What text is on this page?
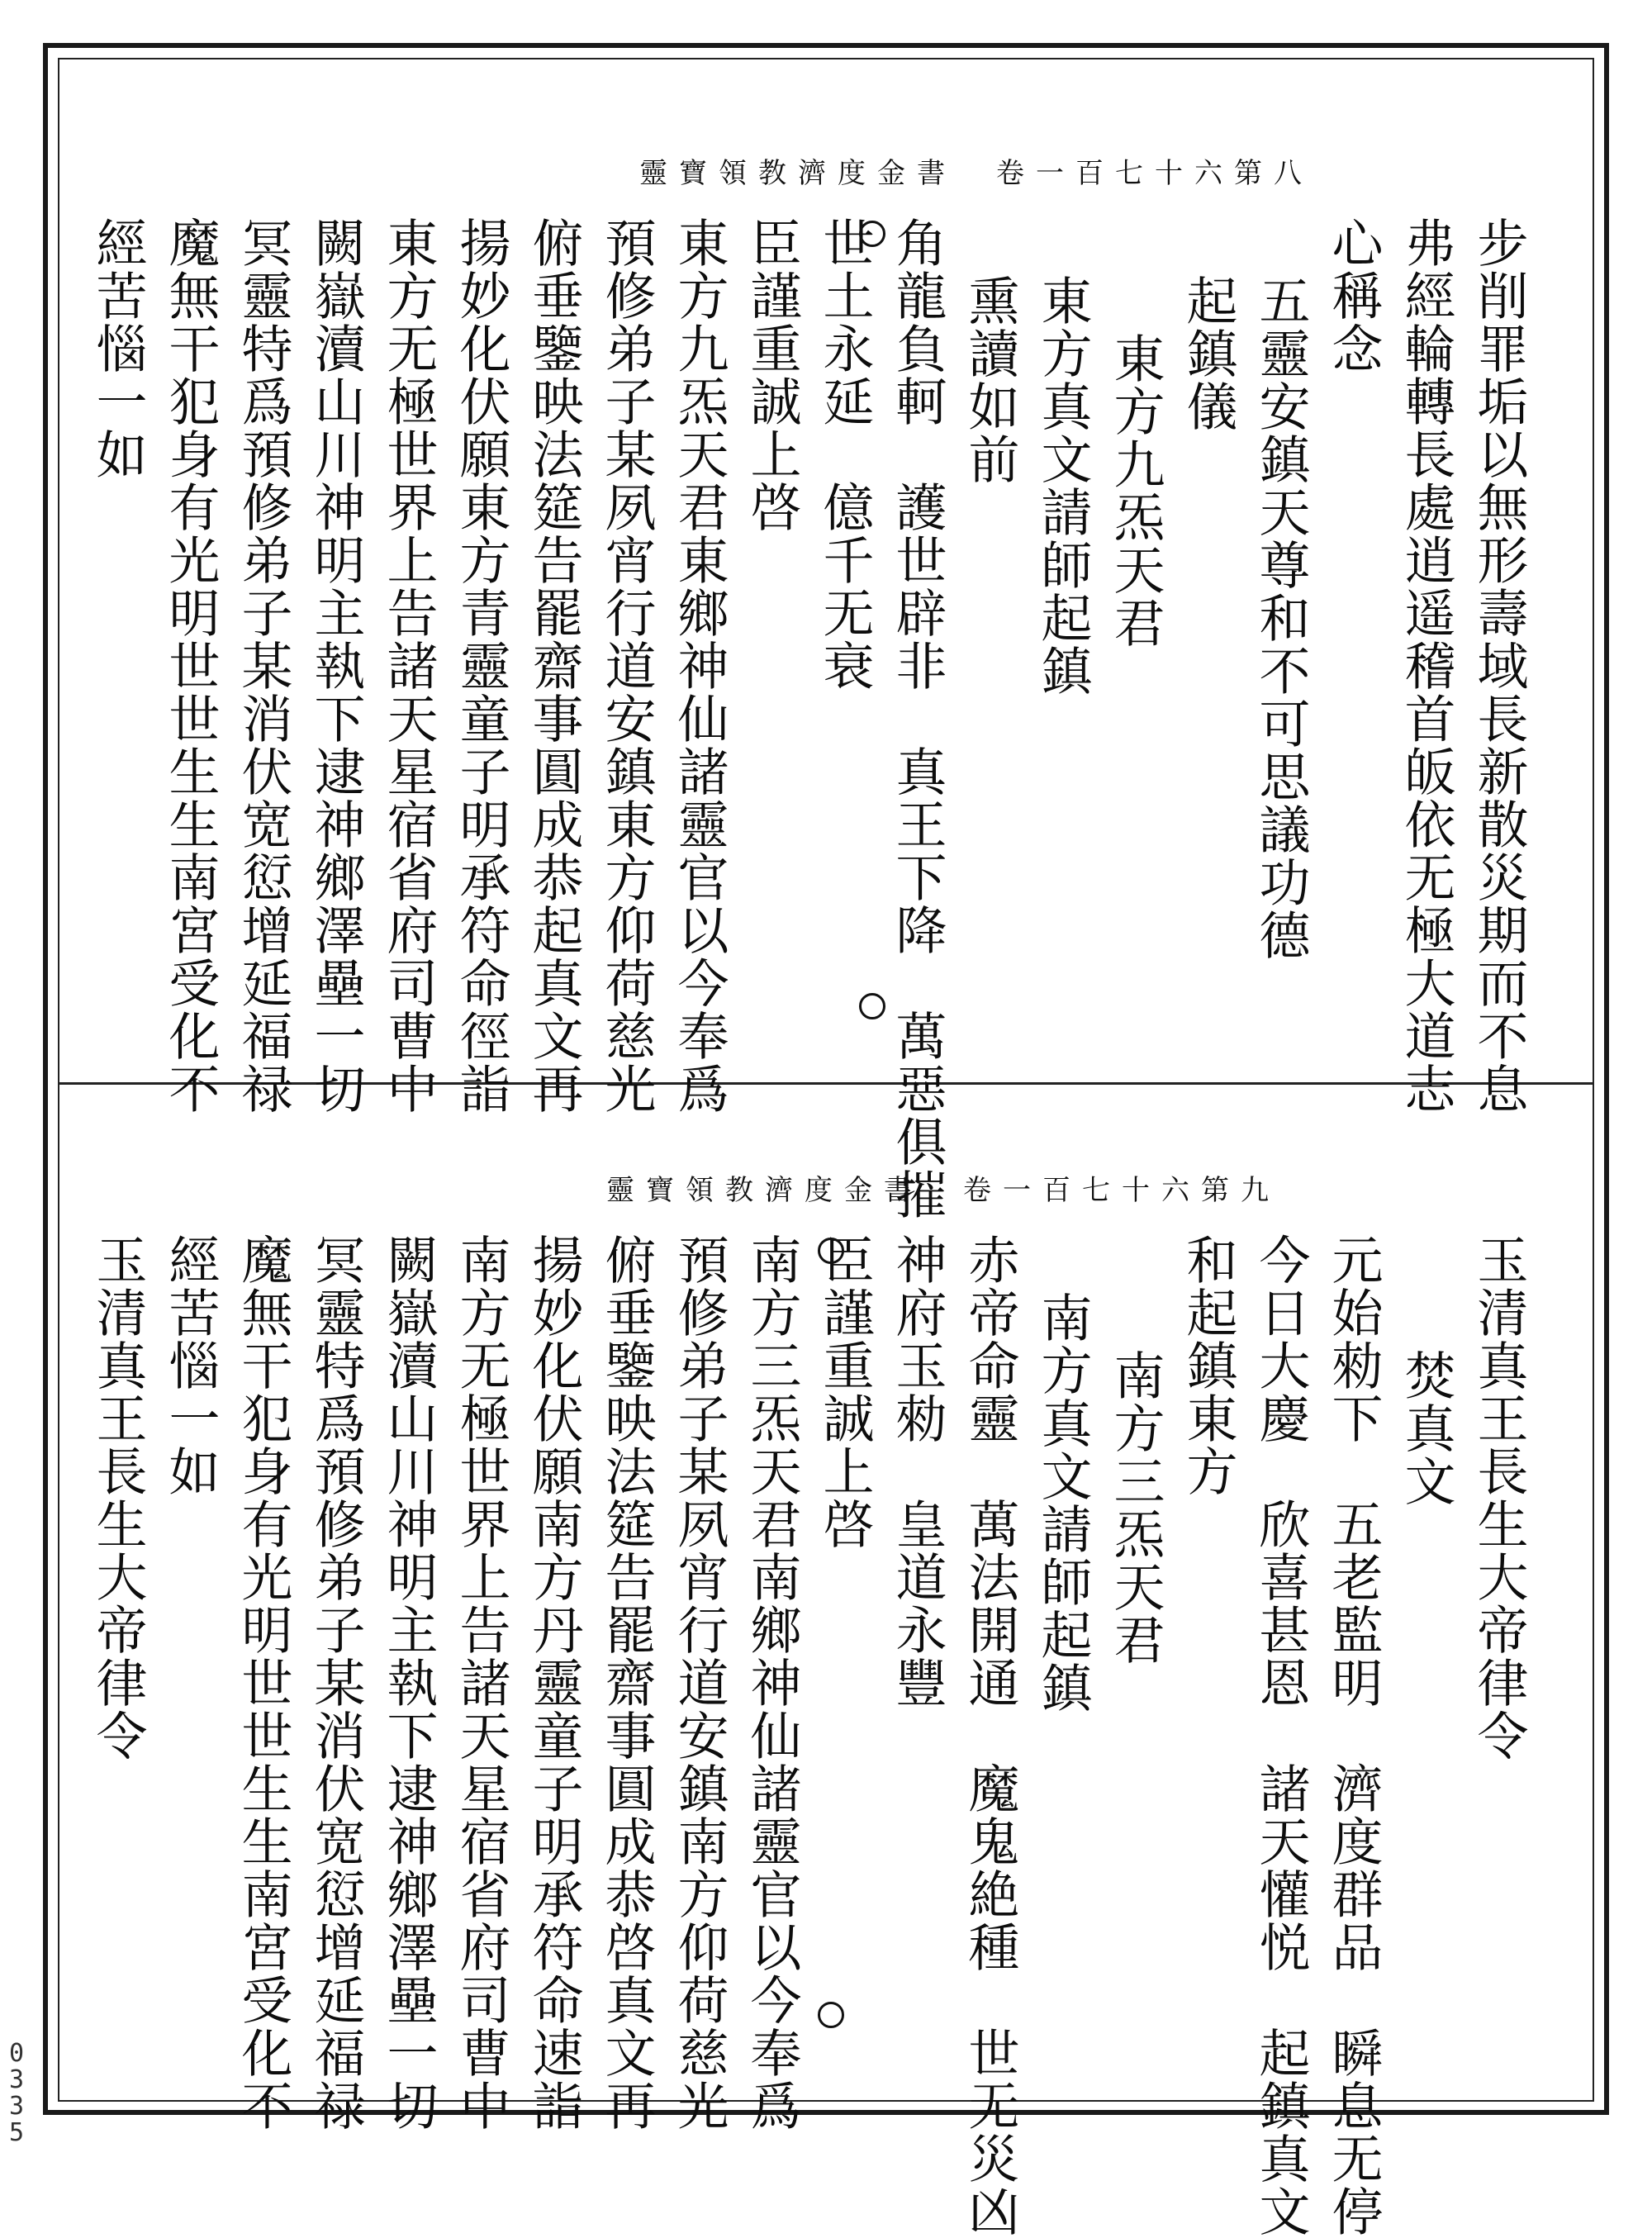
靈寶領教濟度金書　卷一百七十六第八
步削罪垢以無形壽域長新散災期而不息
弗經輪轉長處逍遥稽首皈依无極大道志
心稱念
五靈安鎮天尊和不可思議功德
起鎮儀
東方九炁天君
東方真文請師起鎮
熏讀如前
角龍負軻　護世辟非　真王下降　萬惡俱摧
世土永延　億千无衰
臣謹重誠上啓
東方九炁天君東鄉神仙諸靈官以今奉爲
預修弟子某夙宵行道安鎮東方仰荷慈光
俯垂鑒映法筵告罷齋事圓成恭起真文再
揚妙化伏願東方青靈童子明承符命徑詣
東方无極世界上告諸天星宿省府司曹中
闕嶽瀆山川神明主執下逮神鄉澤壘一切
冥靈特爲預修弟子某消伏宽愆增延福禄
魔無干犯身有光明世世生生南宮受化不
經苦惱一如
靈寶領教濟度金書　卷一百七十六第九
玉清真王長生大帝律令
焚真文
元始勑下　五老監明　濟度群品　瞬息无停
今日大慶　欣喜甚恩　諸天懽悦　起鎮真文
和起鎮東方
南方三炁天君
南方真文請師起鎮
赤帝命靈　萬法開通　魔鬼絶種　世无災凶
神府玉勑　皇道永豐
臣謹重誠上啓
南方三炁天君南鄉神仙諸靈官以今奉爲
預修弟子某夙宵行道安鎮南方仰荷慈光
俯垂鑒映法筵告罷齋事圓成恭啓真文再
揚妙化伏願南方丹靈童子明承符命速詣
南方无極世界上告諸天星宿省府司曹中
闕嶽瀆山川神明主執下逮神鄉澤壘一切
冥靈特爲預修弟子某消伏宽愆增延福禄
魔無干犯身有光明世世生生南宮受化不
經苦惱一如
玉清真王長生大帝律令
0
3
3
5
